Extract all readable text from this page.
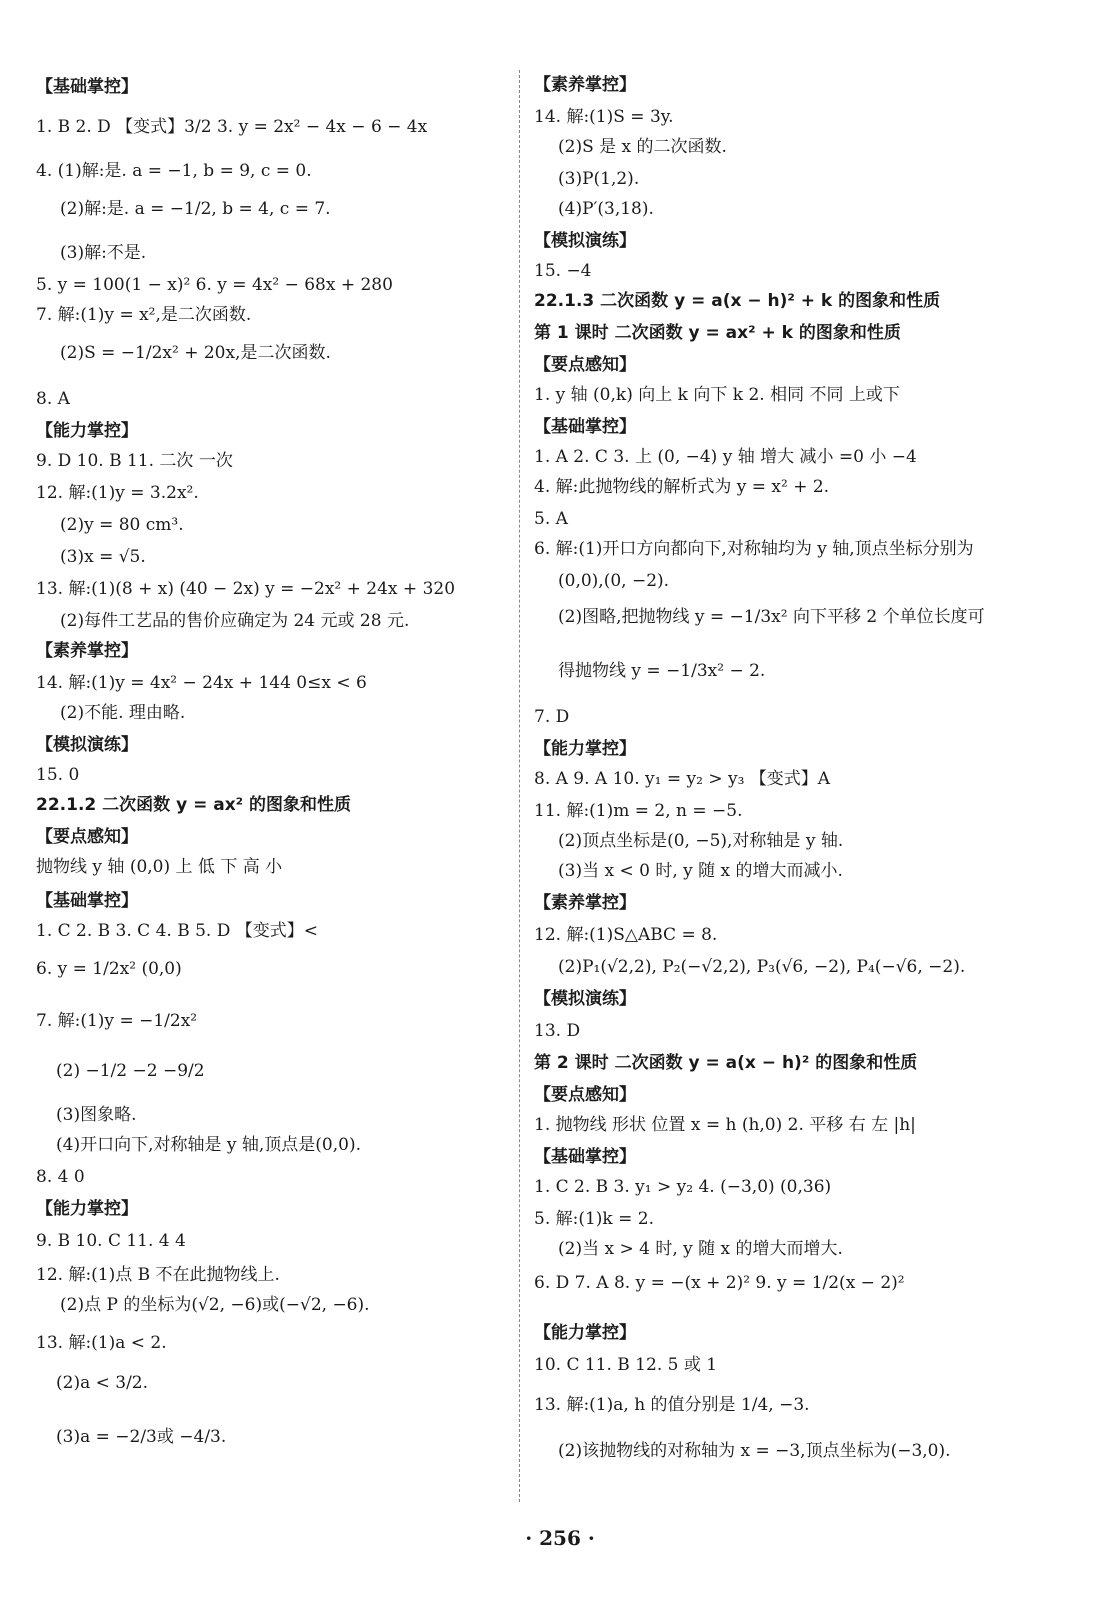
【基础掌控】
1. B 2. D 【变式】3/2 3. y = 2x² − 4x − 6 − 4x
4. (1)解:是. a = −1, b = 9, c = 0.
(2)解:是. a = −1/2, b = 4, c = 7.
(3)解:不是.
5. y = 100(1 − x)² 6. y = 4x² − 68x + 280
7. 解:(1)y = x²,是二次函数.
(2)S = −1/2x² + 20x,是二次函数.
8. A
【能力掌控】
9. D 10. B 11. 二次 一次
12. 解:(1)y = 3.2x².
(2)y = 80 cm³.
(3)x = √5.
13. 解:(1)(8 + x) (40 − 2x) y = −2x² + 24x + 320
(2)每件工艺品的售价应确定为 24 元或 28 元.
【素养掌控】
14. 解:(1)y = 4x² − 24x + 144 0≤x < 6
(2)不能. 理由略.
【模拟演练】
15. 0
22.1.2 二次函数 y = ax² 的图象和性质
【要点感知】
抛物线 y 轴 (0,0) 上 低 下 高 小
【基础掌控】
1. C 2. B 3. C 4. B 5. D 【变式】<
6. y = 1/2x² (0,0)
7. 解:(1)y = −1/2x²
(2) −1/2 −2 −9/2
(3)图象略.
(4)开口向下,对称轴是 y 轴,顶点是(0,0).
8. 4 0
【能力掌控】
9. B 10. C 11. 4 4
12. 解:(1)点 B 不在此抛物线上.
(2)点 P 的坐标为(√2, −6)或(−√2, −6).
13. 解:(1)a < 2.
(2)a < 3/2.
(3)a = −2/3或 −4/3.
【素养掌控】
14. 解:(1)S = 3y.
(2)S 是 x 的二次函数.
(3)P(1,2).
(4)P′(3,18).
【模拟演练】
15. −4
22.1.3 二次函数 y = a(x − h)² + k 的图象和性质
第 1 课时 二次函数 y = ax² + k 的图象和性质
【要点感知】
1. y 轴 (0,k) 向上 k 向下 k 2. 相同 不同 上或下
【基础掌控】
1. A 2. C 3. 上 (0, −4) y 轴 增大 减小 =0 小 −4
4. 解:此抛物线的解析式为 y = x² + 2.
5. A
6. 解:(1)开口方向都向下,对称轴均为 y 轴,顶点坐标分别为
(0,0),(0, −2).
(2)图略,把抛物线 y = −1/3x² 向下平移 2 个单位长度可
得抛物线 y = −1/3x² − 2.
7. D
【能力掌控】
8. A 9. A 10. y₁ = y₂ > y₃ 【变式】A
11. 解:(1)m = 2, n = −5.
(2)顶点坐标是(0, −5),对称轴是 y 轴.
(3)当 x < 0 时, y 随 x 的增大而减小.
【素养掌控】
12. 解:(1)S△ABC = 8.
(2)P₁(√2,2), P₂(−√2,2), P₃(√6, −2), P₄(−√6, −2).
【模拟演练】
13. D
第 2 课时 二次函数 y = a(x − h)² 的图象和性质
【要点感知】
1. 抛物线 形状 位置 x = h (h,0) 2. 平移 右 左 |h|
【基础掌控】
1. C 2. B 3. y₁ > y₂ 4. (−3,0) (0,36)
5. 解:(1)k = 2.
(2)当 x > 4 时, y 随 x 的增大而增大.
6. D 7. A 8. y = −(x + 2)² 9. y = 1/2(x − 2)²
【能力掌控】
10. C 11. B 12. 5 或 1
13. 解:(1)a, h 的值分别是 1/4, −3.
(2)该抛物线的对称轴为 x = −3,顶点坐标为(−3,0).
· 256 ·
